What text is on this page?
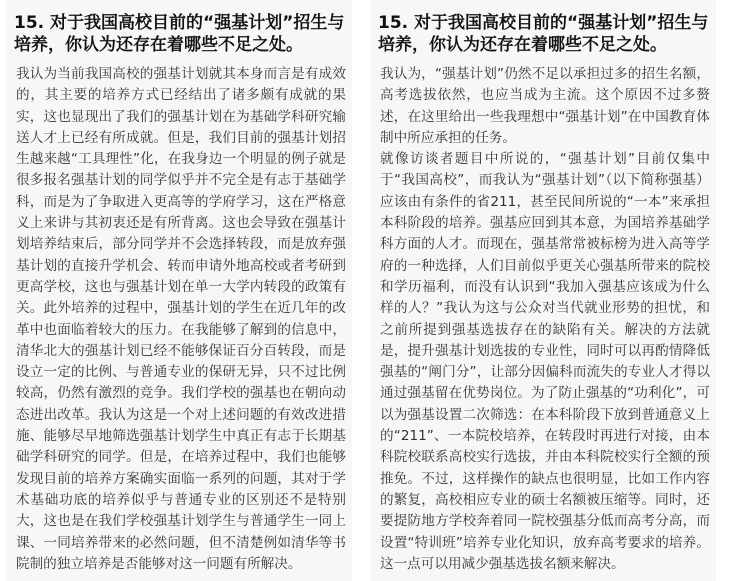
15. 对于我国高校目前的“强基计划”招生与培养，你认为还存在着哪些不足之处。

我认为当前我国高校的强基计划就其本身而言是有成效的，其主要的培养方式已经结出了诸多颇有成就的果实，这也显现出了我们的强基计划在为基础学科研究输送人才上已经有所成就。但是，我们目前的强基计划招生越来越“工具理性”化，在我身边一个明显的例子就是很多报名强基计划的同学似乎并不完全是有志于基础学科，而是为了争取进入更高等的学府学习，这在严格意义上来讲与其初衷还是有所背离。这也会导致在强基计划培养结束后，部分同学并不会选择转段，而是放弃强基计划的直接升学机会、转而申请外地高校或者考研到更高学校，这也与强基计划在单一大学内转段的政策有关。此外培养的过程中，强基计划的学生在近几年的改革中也面临着较大的压力。在我能够了解到的信息中，清华北大的强基计划已经不能够保证百分百转段，而是设立一定的比例、与普通专业的保研无异，只不过比例较高，仍然有激烈的竞争。我们学校的强基也在朝向动态进出改革。我认为这是一个对上述问题的有效改进措施、能够尽早地筛选强基计划学生中真正有志于长期基础学科研究的同学。但是，在培养过程中，我们也能够发现目前的培养方案确实面临一系列的问题，其对于学术基础功底的培养似乎与普通专业的区别还不是特别大，这也是在我们学校强基计划学生与普通学生一同上课、一同培养带来的必然问题，但不清楚例如清华等书院制的独立培养是否能够对这一问题有所解决。

15. 对于我国高校目前的“强基计划”招生与培养，你认为还存在着哪些不足之处。

我认为，“强基计划”仍然不足以承担过多的招生名额，高考选拔依然，也应当成为主流。这个原因不过多赘述，在这里给出一些我理想中“强基计划”在中国教育体制中所应承担的任务。

就像访谈者题目中所说的，“强基计划”目前仅集中于“我国高校”，而我认为“强基计划”（以下简称强基）应该由有条件的省211，甚至民间所说的“一本”来承担本科阶段的培养。强基应回到其本意，为国培养基础学科方面的人才。而现在，强基常常被标榜为进入高等学府的一种选择，人们目前似乎更关心强基所带来的院校和学历福利，而没有认识到“我加入强基应该成为什么样的人？”我认为这与公众对当代就业形势的担忧，和之前所提到强基选拔存在的缺陷有关。解决的方法就是，提升强基计划选拔的专业性，同时可以再酌情降低强基的“阐门分”，让部分因偏科而流失的专业人才得以通过强基留在优势岗位。为了防止强基的“功利化”，可以为强基设置二次筛选：在本科阶段下放到普通意义上的“211”、一本院校培养，在转段时再进行对接，由本科院校联系高校实行选拔，并由本科院校实行全额的预推免。不过，这样操作的缺点也很明显，比如工作内容的繁复，高校相应专业的硕士名额被压缩等。同时，还要提防地方学校奔着同一院校强基分低而高考分高，而设置“特训班”培养专业化知识，放弃高考要求的培养。这一点可以用减少强基选拔名额来解决。
